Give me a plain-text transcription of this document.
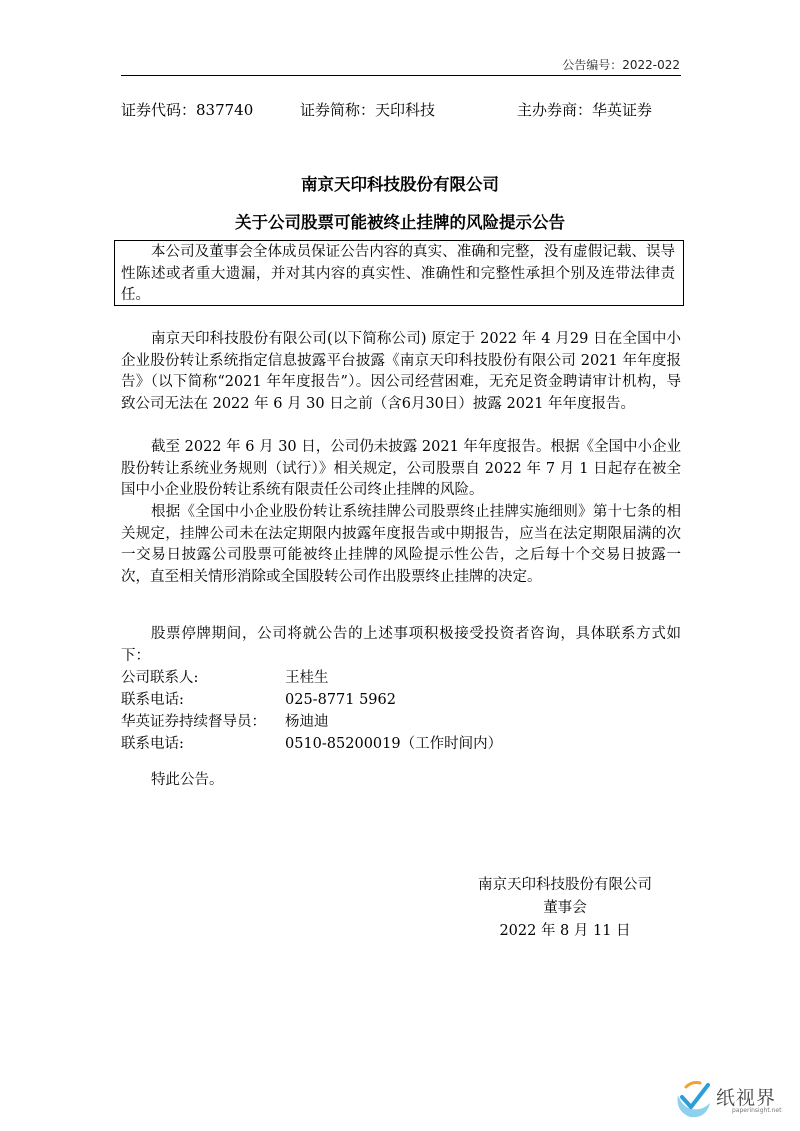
公告编号：2022-022
证券代码：837740	证券简称：天印科技	主办券商：华英证券
南京天印科技股份有限公司
关于公司股票可能被终止挂牌的风险提示公告
本公司及董事会全体成员保证公告内容的真实、准确和完整，没有虚假记载、误导性陈述或者重大遗漏，并对其内容的真实性、准确性和完整性承担个别及连带法律责任。
南京天印科技股份有限公司(以下简称公司) 原定于 2022 年 4 月29 日在全国中小企业股份转让系统指定信息披露平台披露《南京天印科技股份有限公司 2021 年年度报告》（以下简称“2021 年年度报告”）。因公司经营困难，无充足资金聘请审计机构，导致公司无法在 2022 年 6 月 30 日之前（含6月30日）披露 2021 年年度报告。
截至 2022 年 6 月 30 日，公司仍未披露 2021 年年度报告。根据《全国中小企业股份转让系统业务规则（试行）》相关规定，公司股票自 2022 年 7 月 1 日起存在被全国中小企业股份转让系统有限责任公司终止挂牌的风险。
根据《全国中小企业股份转让系统挂牌公司股票终止挂牌实施细则》第十七条的相关规定，挂牌公司未在法定期限内披露年度报告或中期报告，应当在法定期限届满的次一交易日披露公司股票可能被终止挂牌的风险提示性公告，之后每十个交易日披露一次，直至相关情形消除或全国股转公司作出股票终止挂牌的决定。
股票停牌期间，公司将就公告的上述事项积极接受投资者咨询，具体联系方式如下：
公司联系人:	王桂生
联系电话:	025-8771 5962
华英证券持续督导员： 杨迪迪
联系电话:	0510-85200019（工作时间内）
特此公告。
南京天印科技股份有限公司
董事会
2022 年 8 月 11 日
纸视界
paperinsight.net
